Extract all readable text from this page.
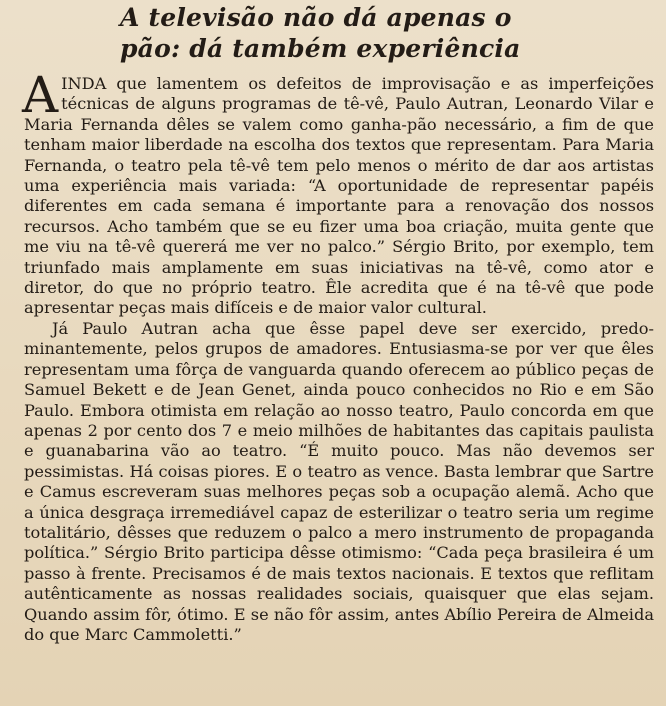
A televisão não dá apenas o
pão: dá também experiência

AINDA que lamentem os defeitos de improvisação e as imperfeições técnicas de alguns programas de tê-vê, Paulo Autran, Leonardo Vilar e Maria Fernanda dêles se valem como ganha-pão necessário, a fim de que tenham maior liberdade na escolha dos textos que representam. Para Maria Fernanda, o teatro pela tê-vê tem pelo menos o mérito de dar aos artistas uma experiência mais variada: “A oportunidade de representar papéis diferentes em cada semana é importante para a renovação dos nossos recursos. Acho também que se eu fizer uma boa criação, muita gente que me viu na tê-vê quererá me ver no palco.” Sérgio Brito, por exemplo, tem triunfado mais amplamente em suas iniciativas na tê-vê, como ator e diretor, do que no próprio teatro. Êle acredita que é na tê-vê que pode apresentar peças mais difíceis e de maior valor cultural.

Já Paulo Autran acha que êsse papel deve ser exercido, predominantemente, pelos grupos de amadores. Entusiasma-se por ver que êles representam uma fôrça de vanguarda quando oferecem ao público peças de Samuel Bekett e de Jean Genet, ainda pouco conhecidos no Rio e em São Paulo. Embora otimista em relação ao nosso teatro, Paulo concorda em que apenas 2 por cento dos 7 e meio milhões de habitantes das capitais paulista e guanabarina vão ao teatro. “É muito pouco. Mas não devemos ser pessimistas. Há coisas piores. E o teatro as vence. Basta lembrar que Sartre e Camus escreveram suas melhores peças sob a ocupação alemã. Acho que a única desgraça irremediável capaz de esterilizar o teatro seria um regime totalitário, dêsses que reduzem o palco a mero instrumento de propaganda política.” Sérgio Brito participa dêsse otimismo: “Cada peça brasileira é um passo à frente. Precisamos é de mais textos nacionais. E textos que reflitam autênticamente as nossas realidades sociais, quaisquer que elas sejam. Quando assim fôr, ótimo. E se não fôr assim, antes Abílio Pereira de Almeida do que Marc Cammoletti.”
